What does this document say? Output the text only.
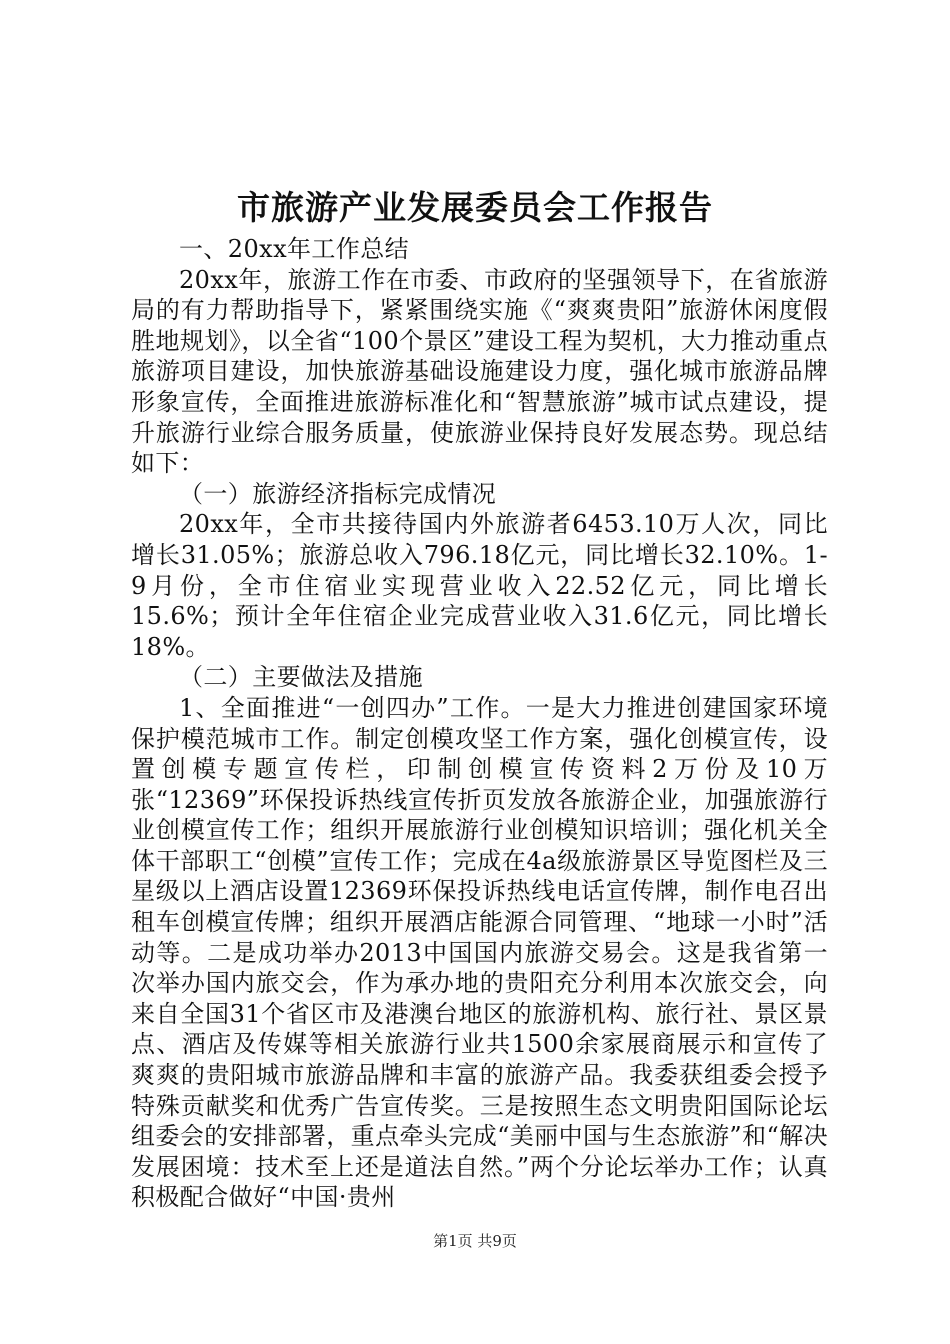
市旅游产业发展委员会工作报告

一、20xx年工作总结

20xx年，旅游工作在市委、市政府的坚强领导下，在省旅游局的有力帮助指导下，紧紧围绕实施《“爽爽贵阳”旅游休闲度假胜地规划》，以全省“100个景区”建设工程为契机，大力推动重点旅游项目建设，加快旅游基础设施建设力度，强化城市旅游品牌形象宣传，全面推进旅游标准化和“智慧旅游”城市试点建设，提升旅游行业综合服务质量，使旅游业保持良好发展态势。现总结如下：

（一）旅游经济指标完成情况

20xx年，全市共接待国内外旅游者6453.10万人次，同比增长31.05%；旅游总收入796.18亿元，同比增长32.10%。1-9月份，全市住宿业实现营业收入22.52亿元，同比增长15.6%；预计全年住宿企业完成营业收入31.6亿元，同比增长18%。

（二）主要做法及措施

1、全面推进“一创四办”工作。一是大力推进创建国家环境保护模范城市工作。制定创模攻坚工作方案，强化创模宣传，设置创模专题宣传栏，印制创模宣传资料2万份及10万张“12369”环保投诉热线宣传折页发放各旅游企业，加强旅游行业创模宣传工作；组织开展旅游行业创模知识培训；强化机关全体干部职工“创模”宣传工作；完成在4a级旅游景区导览图栏及三星级以上酒店设置12369环保投诉热线电话宣传牌，制作电召出租车创模宣传牌；组织开展酒店能源合同管理、“地球一小时”活动等。二是成功举办2013中国国内旅游交易会。这是我省第一次举办国内旅交会，作为承办地的贵阳充分利用本次旅交会，向来自全国31个省区市及港澳台地区的旅游机构、旅行社、景区景点、酒店及传媒等相关旅游行业共1500余家展商展示和宣传了爽爽的贵阳城市旅游品牌和丰富的旅游产品。我委获组委会授予特殊贡献奖和优秀广告宣传奖。三是按照生态文明贵阳国际论坛组委会的安排部署，重点牵头完成“美丽中国与生态旅游”和“解决发展困境：技术至上还是道法自然。”两个分论坛举办工作；认真积极配合做好“中国·贵州

第1页 共9页
